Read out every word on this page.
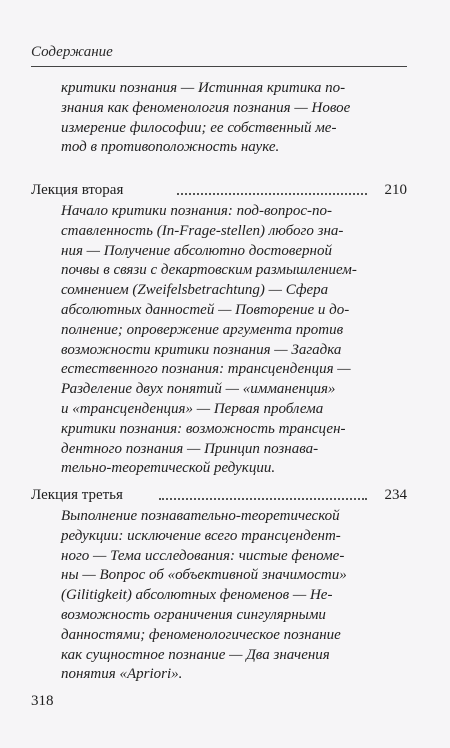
Содержание
критики познания — Истинная критика по-
знания как феноменология познания — Новое
измерение философии; ее собственный ме-
тод в противоположность науке.
Лекция вторая	210
Начало критики познания: под-вопрос-по-
ставленность (In-Frage-stellen) любого зна-
ния — Получение абсолютно достоверной
почвы в связи с декартовским размышлением-
сомнением (Zweifelsbetrachtung) — Сфера
абсолютных данностей — Повторение и до-
полнение; опровержение аргумента против
возможности критики познания — Загадка
естественного познания: трансценденция —
Разделение двух понятий — «имманенция»
и «трансценденция» — Первая проблема
критики познания: возможность трансцен-
дентного познания — Принцип познава-
тельно-теоретической редукции.
Лекция третья	234
Выполнение познавательно-теоретической
редукции: исключение всего трансцендент-
ного — Тема исследования: чистые феноме-
ны — Вопрос об «объективной значимости»
(Gilitigkeit) абсолютных феноменов — Не-
возможность ограничения сингулярными
данностями; феноменологическое познание
как сущностное познание — Два значения
понятия «Apriori».
318
